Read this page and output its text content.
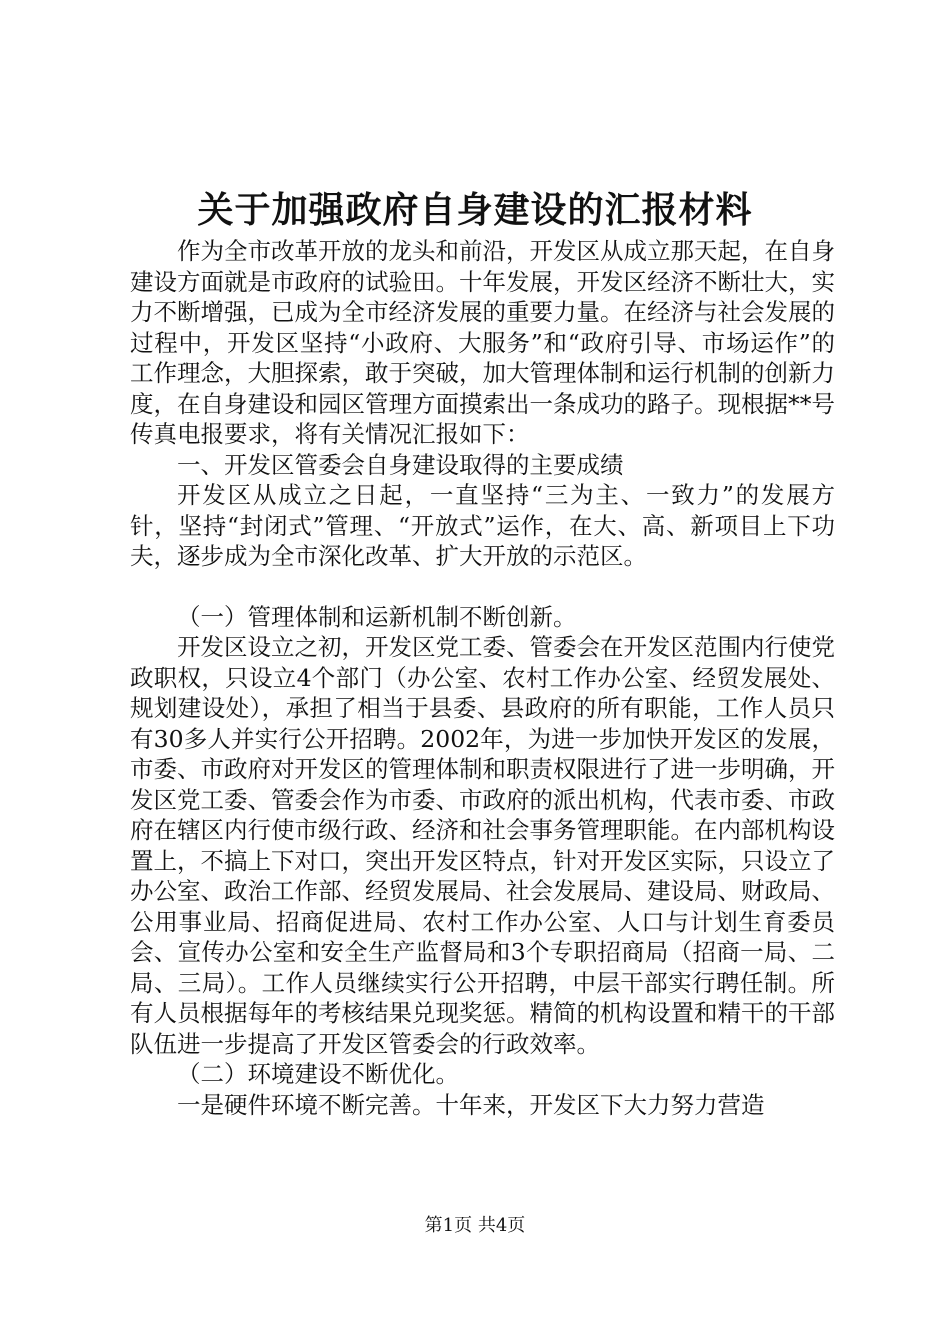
关于加强政府自身建设的汇报材料

作为全市改革开放的龙头和前沿，开发区从成立那天起，在自身建设方面就是市政府的试验田。十年发展，开发区经济不断壮大，实力不断增强，已成为全市经济发展的重要力量。在经济与社会发展的过程中，开发区坚持“小政府、大服务”和“政府引导、市场运作”的工作理念，大胆探索，敢于突破，加大管理体制和运行机制的创新力度，在自身建设和园区管理方面摸索出一条成功的路子。现根据**号传真电报要求，将有关情况汇报如下：

一、开发区管委会自身建设取得的主要成绩

开发区从成立之日起，一直坚持“三为主、一致力”的发展方针，坚持“封闭式”管理、“开放式”运作，在大、高、新项目上下功夫，逐步成为全市深化改革、扩大开放的示范区。

（一）管理体制和运新机制不断创新。

开发区设立之初，开发区党工委、管委会在开发区范围内行使党政职权，只设立4个部门（办公室、农村工作办公室、经贸发展处、规划建设处），承担了相当于县委、县政府的所有职能，工作人员只有30多人并实行公开招聘。2002年，为进一步加快开发区的发展，市委、市政府对开发区的管理体制和职责权限进行了进一步明确，开发区党工委、管委会作为市委、市政府的派出机构，代表市委、市政府在辖区内行使市级行政、经济和社会事务管理职能。在内部机构设置上，不搞上下对口，突出开发区特点，针对开发区实际，只设立了办公室、政治工作部、经贸发展局、社会发展局、建设局、财政局、公用事业局、招商促进局、农村工作办公室、人口与计划生育委员会、宣传办公室和安全生产监督局和3个专职招商局（招商一局、二局、三局）。工作人员继续实行公开招聘，中层干部实行聘任制。所有人员根据每年的考核结果兑现奖惩。精简的机构设置和精干的干部队伍进一步提高了开发区管委会的行政效率。

（二）环境建设不断优化。

一是硬件环境不断完善。十年来，开发区下大力努力营造

第1页 共4页
